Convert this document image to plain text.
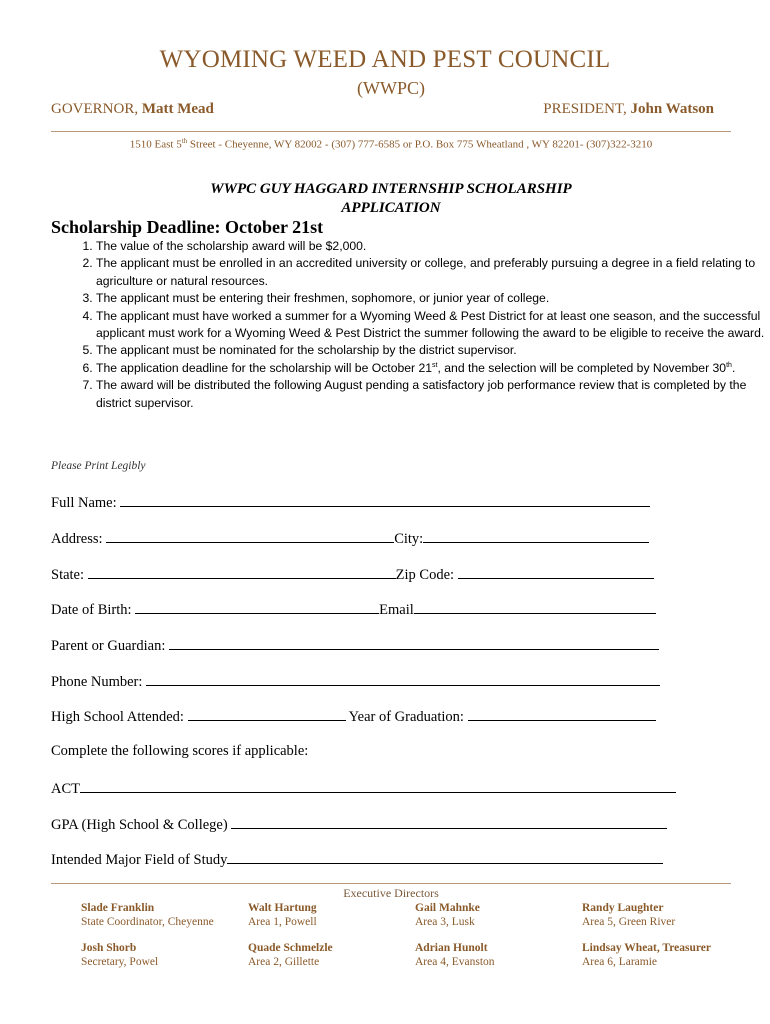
WYOMING WEED AND PEST COUNCIL
(WWPC)
GOVERNOR, Matt Mead	PRESIDENT, John Watson
1510 East 5th Street - Cheyenne, WY 82002 - (307) 777-6585 or P.O. Box 775 Wheatland , WY 82201- (307)322-3210
WWPC GUY HAGGARD INTERNSHIP SCHOLARSHIP
APPLICATION
Scholarship Deadline: October 21st
1. The value of the scholarship award will be $2,000.
2. The applicant must be enrolled in an accredited university or college, and preferably pursuing a degree in a field relating to agriculture or natural resources.
3. The applicant must be entering their freshmen, sophomore, or junior year of college.
4. The applicant must have worked a summer for a Wyoming Weed & Pest District for at least one season, and the successful applicant must work for a Wyoming Weed & Pest District the summer following the award to be eligible to receive the award.
5. The applicant must be nominated for the scholarship by the district supervisor.
6. The application deadline for the scholarship will be October 21st, and the selection will be completed by November 30th.
7. The award will be distributed the following August pending a satisfactory job performance review that is completed by the district supervisor.
Please Print Legibly
Full Name:
Address:	City:
State:	Zip Code:
Date of Birth:	Email
Parent or Guardian:
Phone Number:
High School Attended:	Year of Graduation:
Complete the following scores if applicable:
ACT
GPA (High School & College)
Intended Major Field of Study
Executive Directors
Slade Franklin
State Coordinator, Cheyenne
Walt Hartung
Area 1, Powell
Gail Mahnke
Area 3, Lusk
Randy Laughter
Area 5, Green River
Josh Shorb
Secretary, Powel
Quade Schmelzle
Area 2, Gillette
Adrian Hunolt
Area 4, Evanston
Lindsay Wheat, Treasurer
Area 6, Laramie
